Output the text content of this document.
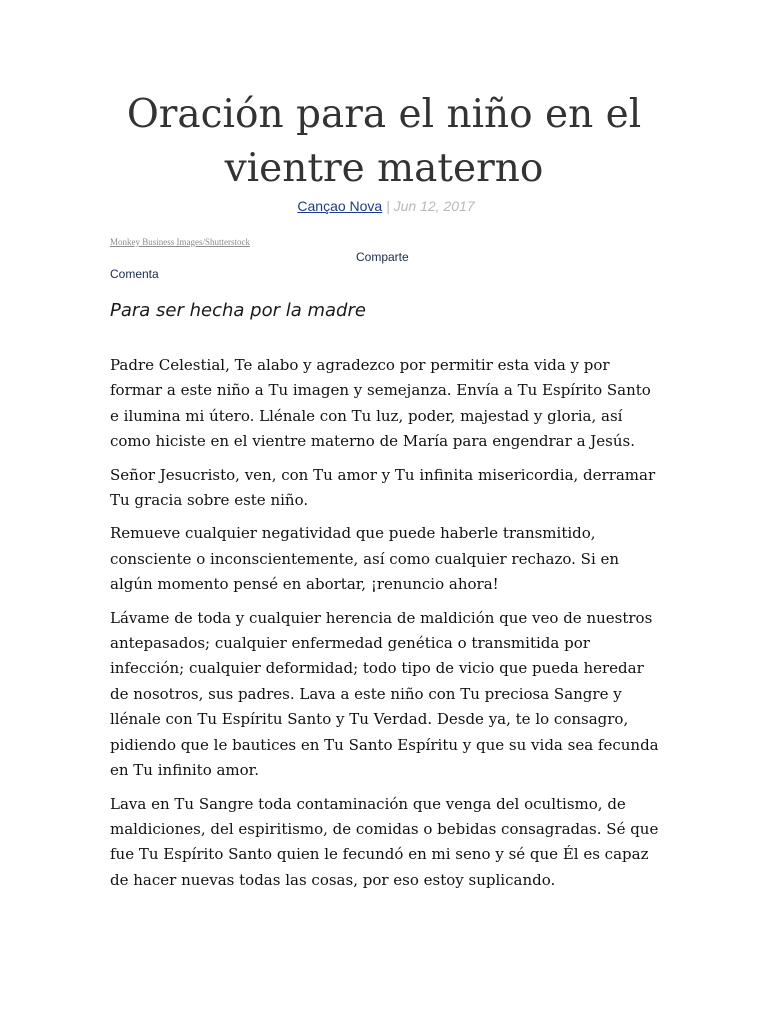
Oración para el niño en el vientre materno
Cançao Nova | Jun 12, 2017
Monkey Business Images/Shutterstock
Comparte
Comenta
Para ser hecha por la madre

Padre Celestial, Te alabo y agradezco por permitir esta vida y por formar a este niño a Tu imagen y semejanza. Envía a Tu Espírito Santo e ilumina mi útero. Llénale con Tu luz, poder, majestad y gloria, así como hiciste en el vientre materno de María para engendrar a Jesús.

Señor Jesucristo, ven, con Tu amor y Tu infinita misericordia, derramar Tu gracia sobre este niño.

Remueve cualquier negatividad que puede haberle transmitido, consciente o inconscientemente, así como cualquier rechazo. Si en algún momento pensé en abortar, ¡renuncio ahora!

Lávame de toda y cualquier herencia de maldición que veo de nuestros antepasados; cualquier enfermedad genética o transmitida por infección; cualquier deformidad; todo tipo de vicio que pueda heredar de nosotros, sus padres. Lava a este niño con Tu preciosa Sangre y llénale con Tu Espíritu Santo y Tu Verdad. Desde ya, te lo consagro, pidiendo que le bautices en Tu Santo Espíritu y que su vida sea fecunda en Tu infinito amor.

Lava en Tu Sangre toda contaminación que venga del ocultismo, de maldiciones, del espiritismo, de comidas o bebidas consagradas. Sé que fue Tu Espírito Santo quien le fecundó en mi seno y sé que Él es capaz de hacer nuevas todas las cosas, por eso estoy suplicando.
